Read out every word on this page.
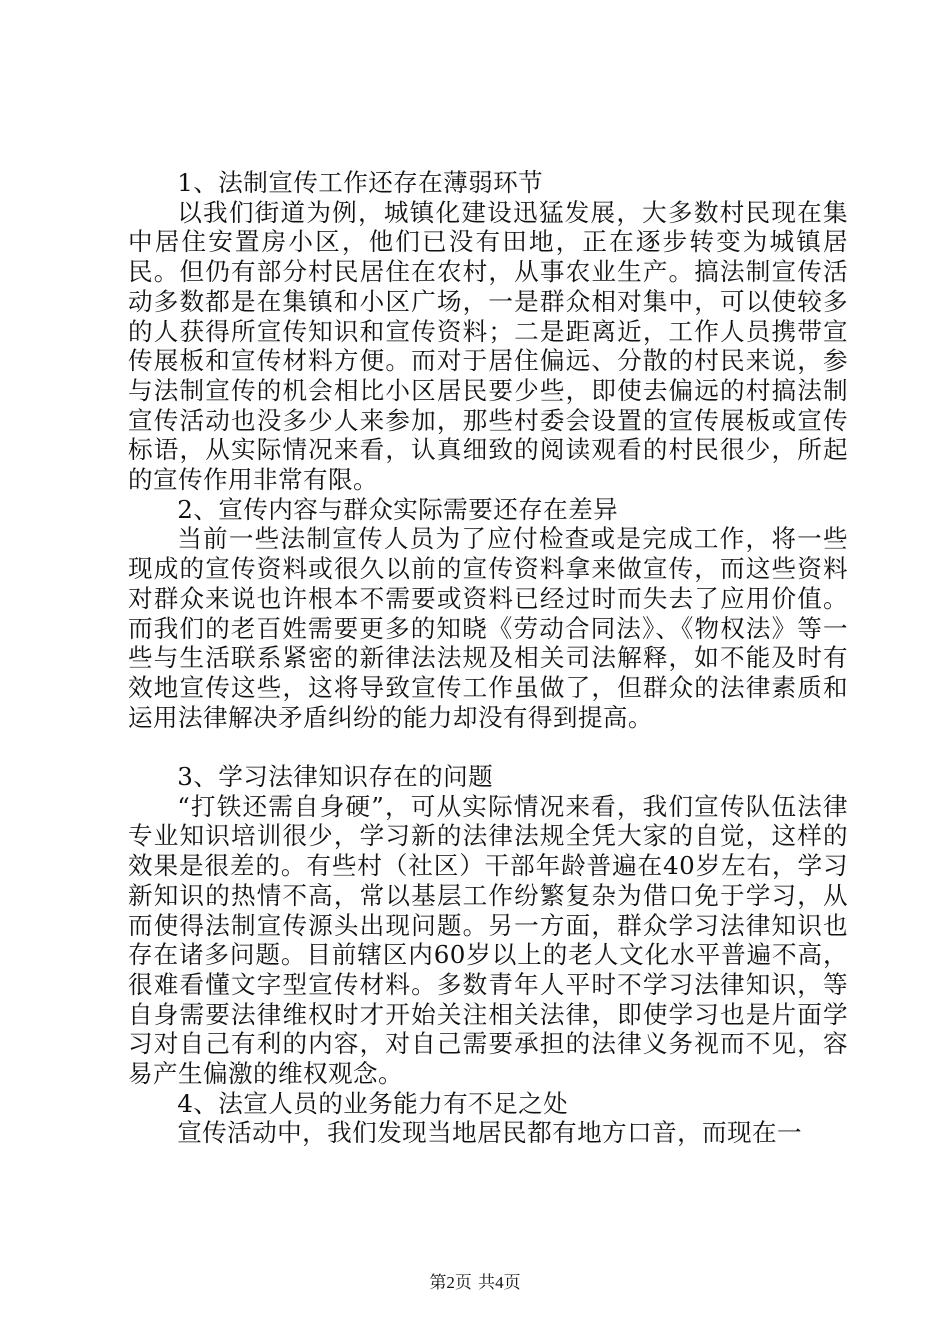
1、法制宣传工作还存在薄弱环节

以我们街道为例，城镇化建设迅猛发展，大多数村民现在集中居住安置房小区，他们已没有田地，正在逐步转变为城镇居民。但仍有部分村民居住在农村，从事农业生产。搞法制宣传活动多数都是在集镇和小区广场，一是群众相对集中，可以使较多的人获得所宣传知识和宣传资料；二是距离近，工作人员携带宣传展板和宣传材料方便。而对于居住偏远、分散的村民来说，参与法制宣传的机会相比小区居民要少些，即使去偏远的村搞法制宣传活动也没多少人来参加，那些村委会设置的宣传展板或宣传标语，从实际情况来看，认真细致的阅读观看的村民很少，所起的宣传作用非常有限。

2、宣传内容与群众实际需要还存在差异

当前一些法制宣传人员为了应付检查或是完成工作，将一些现成的宣传资料或很久以前的宣传资料拿来做宣传，而这些资料对群众来说也许根本不需要或资料已经过时而失去了应用价值。而我们的老百姓需要更多的知晓《劳动合同法》、《物权法》等一些与生活联系紧密的新律法法规及相关司法解释，如不能及时有效地宣传这些，这将导致宣传工作虽做了，但群众的法律素质和运用法律解决矛盾纠纷的能力却没有得到提高。

3、学习法律知识存在的问题

“打铁还需自身硬”，可从实际情况来看，我们宣传队伍法律专业知识培训很少，学习新的法律法规全凭大家的自觉，这样的效果是很差的。有些村（社区）干部年龄普遍在40岁左右，学习新知识的热情不高，常以基层工作纷繁复杂为借口免于学习，从而使得法制宣传源头出现问题。另一方面，群众学习法律知识也存在诸多问题。目前辖区内60岁以上的老人文化水平普遍不高，很难看懂文字型宣传材料。多数青年人平时不学习法律知识，等自身需要法律维权时才开始关注相关法律，即使学习也是片面学习对自己有利的内容，对自己需要承担的法律义务视而不见，容易产生偏激的维权观念。

4、法宣人员的业务能力有不足之处

宣传活动中，我们发现当地居民都有地方口音，而现在一

第2页 共4页
